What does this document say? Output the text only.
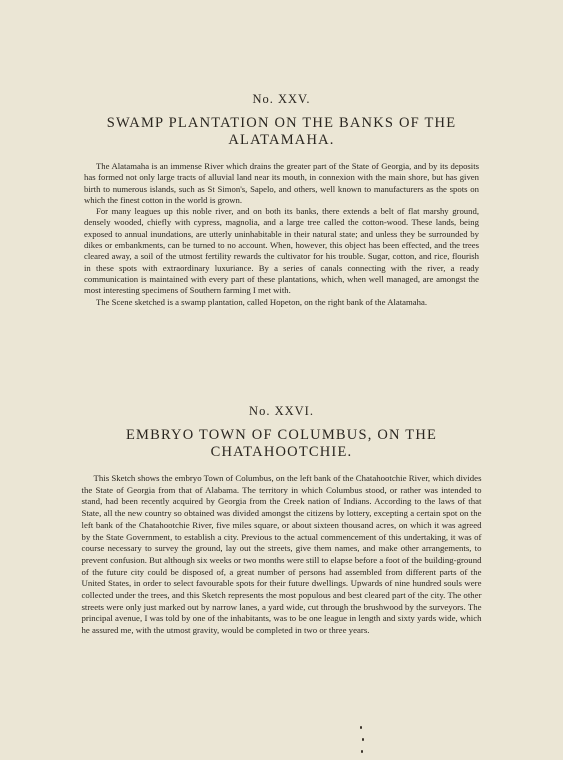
No. XXV.
SWAMP PLANTATION ON THE BANKS OF THE ALATAMAHA.

The Alatamaha is an immense River which drains the greater part of the State of Georgia, and by its deposits has formed not only large tracts of alluvial land near its mouth, in connexion with the main shore, but has given birth to numerous islands, such as St Simon's, Sapelo, and others, well known to manufacturers as the spots on which the finest cotton in the world is grown.

For many leagues up this noble river, and on both its banks, there extends a belt of flat marshy ground, densely wooded, chiefly with cypress, magnolia, and a large tree called the cotton-wood. These lands, being exposed to annual inundations, are utterly uninhabitable in their natural state; and unless they be surrounded by dikes or embankments, can be turned to no account. When, however, this object has been effected, and the trees cleared away, a soil of the utmost fertility rewards the cultivator for his trouble. Sugar, cotton, and rice, flourish in these spots with extraordinary luxuriance. By a series of canals connecting with the river, a ready communication is maintained with every part of these plantations, which, when well managed, are amongst the most interesting specimens of Southern farming I met with.

The Scene sketched is a swamp plantation, called Hopeton, on the right bank of the Alatamaha.

No. XXVI.
EMBRYO TOWN OF COLUMBUS, ON THE CHATAHOOTCHIE.

This Sketch shows the embryo Town of Columbus, on the left bank of the Chatahootchie River, which divides the State of Georgia from that of Alabama. The territory in which Columbus stood, or rather was intended to stand, had been recently acquired by Georgia from the Creek nation of Indians. According to the laws of that State, all the new country so obtained was divided amongst the citizens by lottery, excepting a certain spot on the left bank of the Chatahootchie River, five miles square, or about sixteen thousand acres, on which it was agreed by the State Government, to establish a city. Previous to the actual commencement of this undertaking, it was of course necessary to survey the ground, lay out the streets, give them names, and make other arrangements, to prevent confusion. But although six weeks or two months were still to elapse before a foot of the building-ground of the future city could be disposed of, a great number of persons had assembled from different parts of the United States, in order to select favourable spots for their future dwellings. Upwards of nine hundred souls were collected under the trees, and this Sketch represents the most populous and best cleared part of the city. The other streets were only just marked out by narrow lanes, a yard wide, cut through the brushwood by the surveyors. The principal avenue, I was told by one of the inhabitants, was to be one league in length and sixty yards wide, which he assured me, with the utmost gravity, would be completed in two or three years.
